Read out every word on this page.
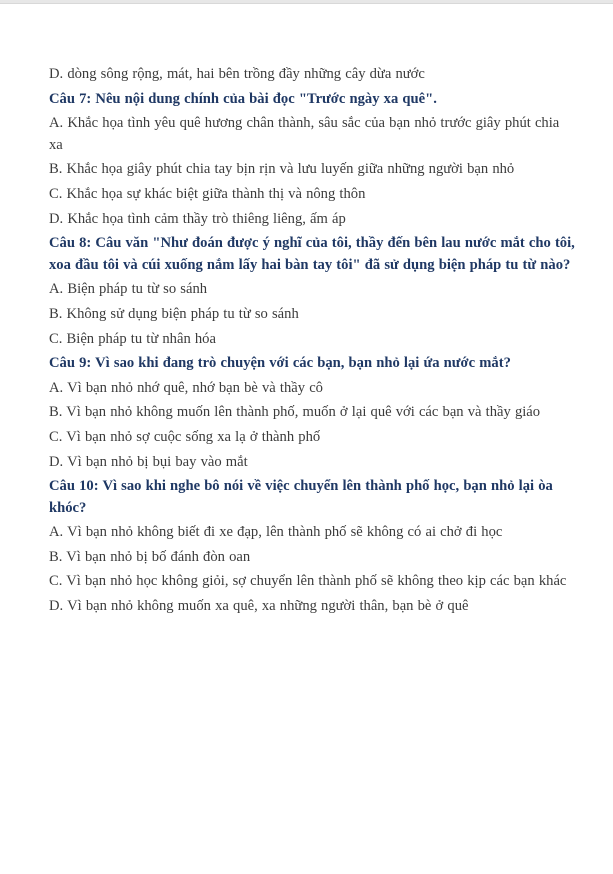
D. dòng sông rộng, mát, hai bên trồng đầy những cây dừa nước

Câu 7: Nêu nội dung chính của bài đọc "Trước ngày xa quê".

A. Khắc họa tình yêu quê hương chân thành, sâu sắc của bạn nhỏ trước giây phút chia xa

B. Khắc họa giây phút chia tay bịn rịn và lưu luyến giữa những người bạn nhỏ

C. Khắc họa sự khác biệt giữa thành thị và nông thôn

D. Khắc họa tình cảm thầy trò thiêng liêng, ấm áp

Câu 8: Câu văn "Như đoán được ý nghĩ của tôi, thầy đến bên lau nước mắt cho tôi, xoa đầu tôi và cúi xuống nắm lấy hai bàn tay tôi" đã sử dụng biện pháp tu từ nào?

A. Biện pháp tu từ so sánh

B. Không sử dụng biện pháp tu từ so sánh

C. Biện pháp tu từ nhân hóa

Câu 9: Vì sao khi đang trò chuyện với các bạn, bạn nhỏ lại ứa nước mắt?

A. Vì bạn nhỏ nhớ quê, nhớ bạn bè và thầy cô

B. Vì bạn nhỏ không muốn lên thành phố, muốn ở lại quê với các bạn và thầy giáo

C. Vì bạn nhỏ sợ cuộc sống xa lạ ở thành phố

D. Vì bạn nhỏ bị bụi bay vào mắt

Câu 10: Vì sao khi nghe bô nói về việc chuyển lên thành phố học, bạn nhỏ lại òa khóc?

A. Vì bạn nhỏ không biết đi xe đạp, lên thành phố sẽ không có ai chở đi học

B. Vì bạn nhỏ bị bố đánh đòn oan

C. Vì bạn nhỏ học không giỏi, sợ chuyển lên thành phố sẽ không theo kịp các bạn khác

D. Vì bạn nhỏ không muốn xa quê, xa những người thân, bạn bè ở quê
